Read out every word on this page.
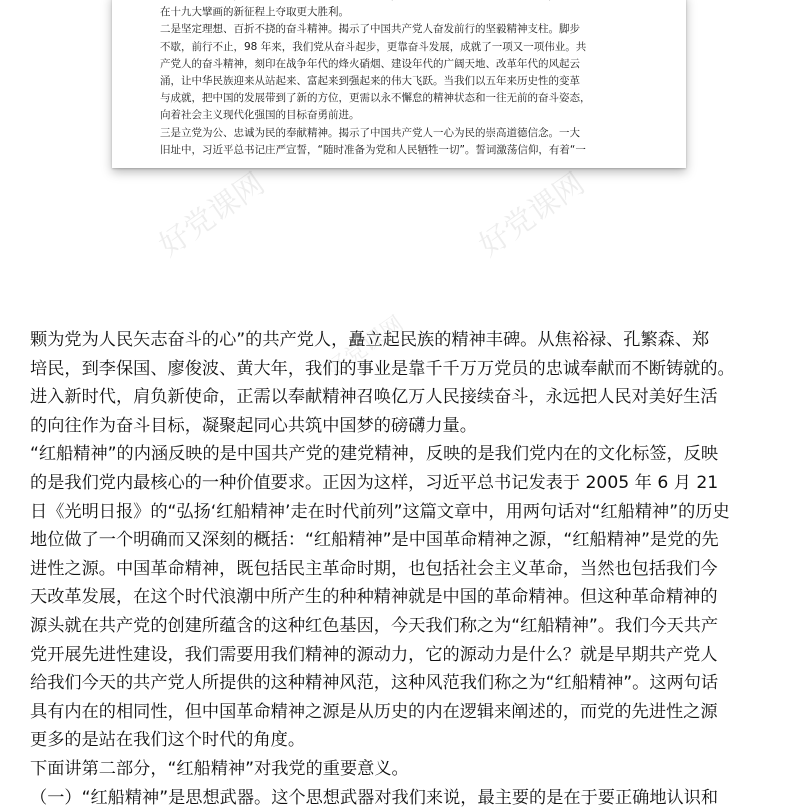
在十九大擘画的新征程上夺取更大胜利。
二是坚定理想、百折不挠的奋斗精神。揭示了中国共产党人奋发前行的坚毅精神支柱。脚步
不歇，前行不止，98 年来，我们党从奋斗起步，更靠奋斗发展，成就了一项又一项伟业。共
产党人的奋斗精神，刻印在战争年代的烽火硝烟、建设年代的广阔天地、改革年代的风起云
涌，让中华民族迎来从站起来、富起来到强起来的伟大飞跃。当我们以五年来历史性的变革
与成就，把中国的发展带到了新的方位，更需以永不懈怠的精神状态和一往无前的奋斗姿态，
向着社会主义现代化强国的目标奋勇前进。
三是立党为公、忠诚为民的奉献精神。揭示了中国共产党人一心为民的崇高道德信念。一大
旧址中，习近平总书记庄严宣誓，“随时准备为党和人民牺牲一切”。誓词激荡信仰，有着“一
好党课网	好党课网
好党课网
颗为党为人民矢志奋斗的心”的共产党人，矗立起民族的精神丰碑。从焦裕禄、孔繁森、郑
培民，到李保国、廖俊波、黄大年，我们的事业是靠千千万万党员的忠诚奉献而不断铸就的。
进入新时代，肩负新使命，正需以奉献精神召唤亿万人民接续奋斗，永远把人民对美好生活
的向往作为奋斗目标，凝聚起同心共筑中国梦的磅礴力量。
“红船精神”的内涵反映的是中国共产党的建党精神，反映的是我们党内在的文化标签，反映
的是我们党内最核心的一种价值要求。正因为这样，习近平总书记发表于 2005 年 6 月 21
日《光明日报》的“弘扬‘红船精神’走在时代前列”这篇文章中，用两句话对“红船精神”的历史
地位做了一个明确而又深刻的概括：“红船精神”是中国革命精神之源，“红船精神”是党的先
进性之源。中国革命精神，既包括民主革命时期，也包括社会主义革命，当然也包括我们今
天改革发展，在这个时代浪潮中所产生的种种精神就是中国的革命精神。但这种革命精神的
源头就在共产党的创建所蕴含的这种红色基因，今天我们称之为“红船精神”。我们今天共产
党开展先进性建设，我们需要用我们精神的源动力，它的源动力是什么？就是早期共产党人
给我们今天的共产党人所提供的这种精神风范，这种风范我们称之为“红船精神”。这两句话
具有内在的相同性，但中国革命精神之源是从历史的内在逻辑来阐述的，而党的先进性之源
更多的是站在我们这个时代的角度。
下面讲第二部分，“红船精神”对我党的重要意义。
（一）“红船精神”是思想武器。这个思想武器对我们来说，最主要的是在于要正确地认识和
